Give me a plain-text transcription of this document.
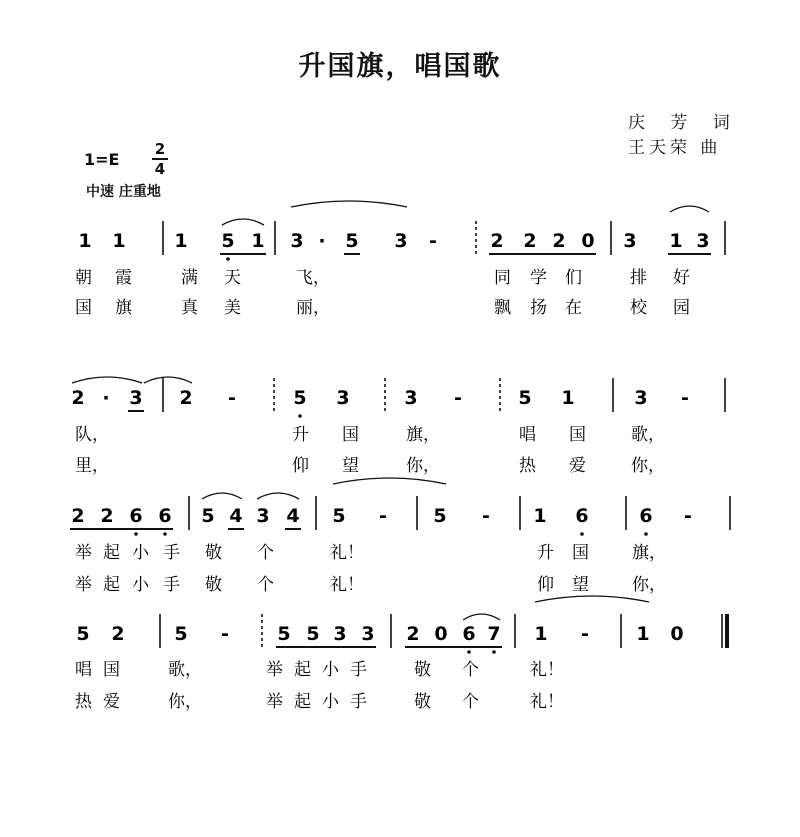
升国旗，唱国歌
庆 芳 词
王天荣 曲
1=E
2
4
中速 庄重地
1 1	1 5 1 3 · 5 3 -	2 2 2 0 3 1 3
朝 霞	满 天	飞，	同 学 们	排 好
国 旗	真 美	丽，	飘 扬 在	校 园
2 · 3 2 -	5 3	3 -	5 1	3 -
队，	升 国	旗，	唱 国	歌，
里，	仰 望	你，	热 爱	你，
2 2 6 6 5 4 3 4 5 - 5 - 1 6	6 -
举 起 小 手 敬 个	礼！	升 国	旗，
举 起 小 手 敬 个	礼！	仰 望	你，
5 2	5 -	5 5 3 3 2 0 6 7 1 - 1 0
唱 国	歌，	举 起 小 手	敬 个	礼！
热 爱	你，	举 起 小 手	敬 个	礼！
